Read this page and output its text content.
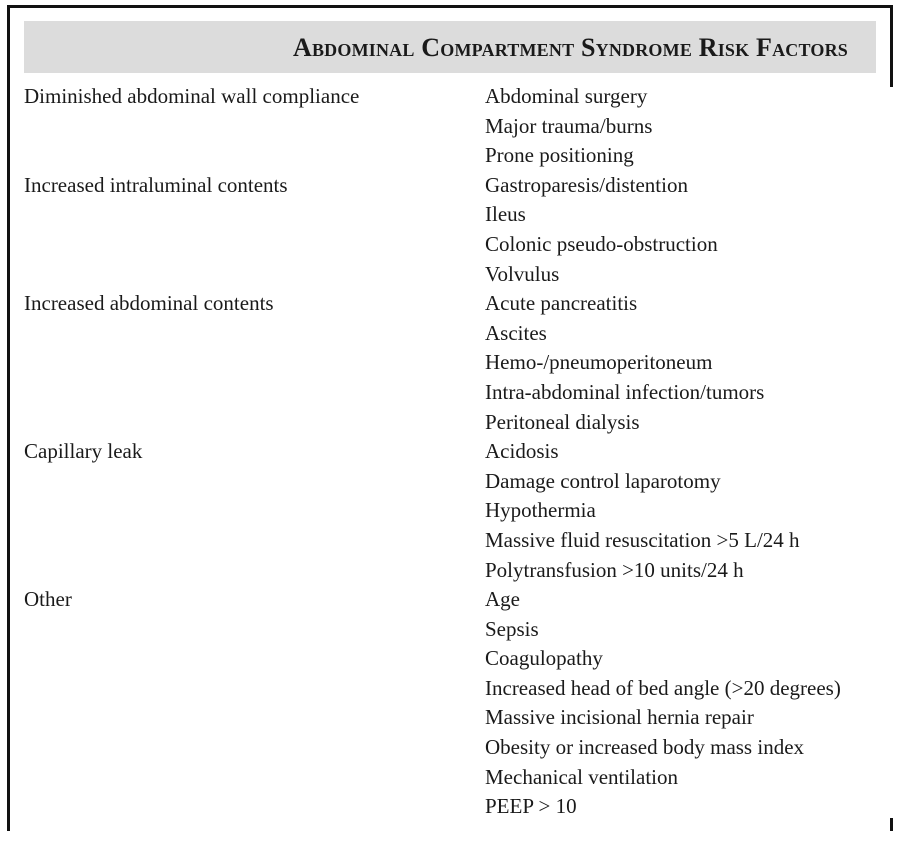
Abdominal Compartment Syndrome Risk Factors
Diminished abdominal wall compliance	Abdominal surgery
Major trauma/burns
Prone positioning
Increased intraluminal contents	Gastroparesis/distention
Ileus
Colonic pseudo-obstruction
Volvulus
Increased abdominal contents	Acute pancreatitis
Ascites
Hemo-/pneumoperitoneum
Intra-abdominal infection/tumors
Peritoneal dialysis
Capillary leak	Acidosis
Damage control laparotomy
Hypothermia
Massive fluid resuscitation >5 L/24 h
Polytransfusion >10 units/24 h
Other	Age
Sepsis
Coagulopathy
Increased head of bed angle (>20 degrees)
Massive incisional hernia repair
Obesity or increased body mass index
Mechanical ventilation
PEEP > 10
